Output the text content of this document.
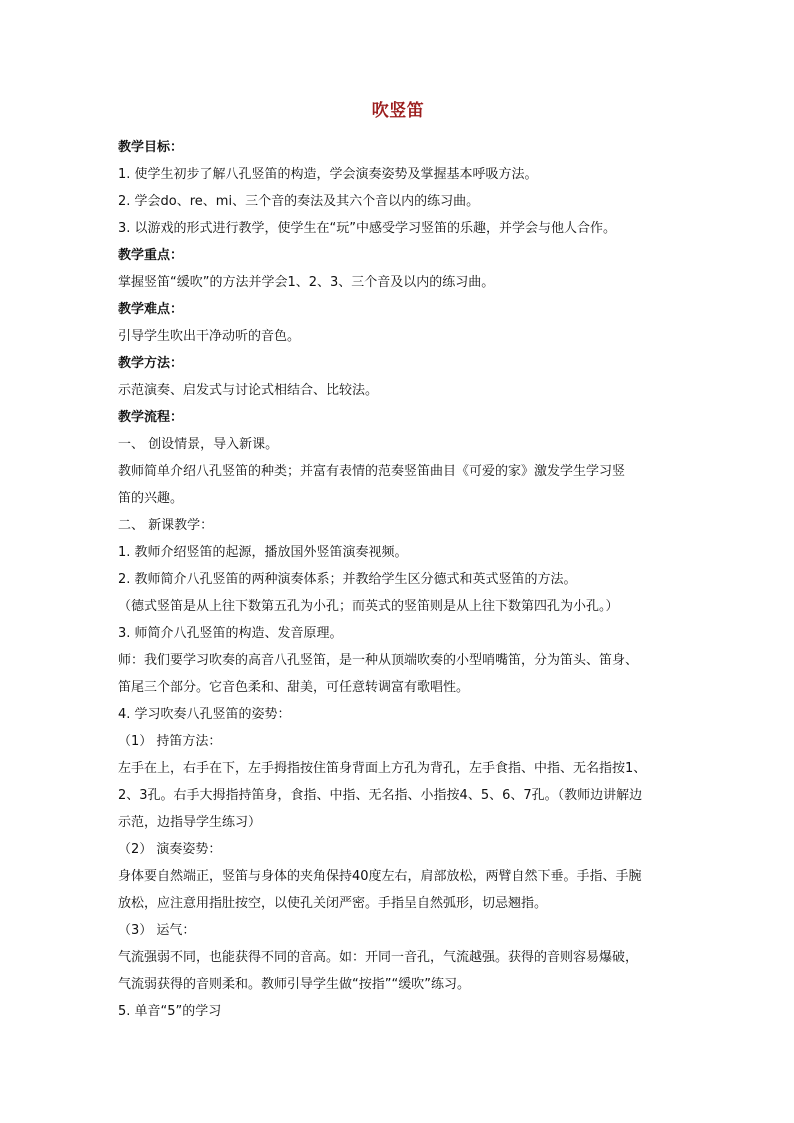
吹竖笛
教学目标：
1. 使学生初步了解八孔竖笛的构造，学会演奏姿势及掌握基本呼吸方法。
2. 学会do、re、mi、三个音的奏法及其六个音以内的练习曲。
3. 以游戏的形式进行教学，使学生在“玩”中感受学习竖笛的乐趣，并学会与他人合作。
教学重点：
掌握竖笛“缓吹”的方法并学会1、2、3、三个音及以内的练习曲。
教学难点：
引导学生吹出干净动听的音色。
教学方法：
示范演奏、启发式与讨论式相结合、比较法。
教学流程：
一、 创设情景，导入新课。
教师简单介绍八孔竖笛的种类；并富有表情的范奏竖笛曲目《可爱的家》激发学生学习竖
笛的兴趣。
二、 新课教学：
1. 教师介绍竖笛的起源，播放国外竖笛演奏视频。
2. 教师简介八孔竖笛的两种演奏体系；并教给学生区分德式和英式竖笛的方法。
（德式竖笛是从上往下数第五孔为小孔；而英式的竖笛则是从上往下数第四孔为小孔。）
3. 师简介八孔竖笛的构造、发音原理。
师：我们要学习吹奏的高音八孔竖笛，是一种从顶端吹奏的小型哨嘴笛，分为笛头、笛身、
笛尾三个部分。它音色柔和、甜美，可任意转调富有歌唱性。
4. 学习吹奏八孔竖笛的姿势：
（1） 持笛方法：
左手在上，右手在下，左手拇指按住笛身背面上方孔为背孔，左手食指、中指、无名指按1、
2、3孔。右手大拇指持笛身，食指、中指、无名指、小指按4、5、6、7孔。（教师边讲解边
示范，边指导学生练习）
（2） 演奏姿势：
身体要自然端正，竖笛与身体的夹角保持40度左右，肩部放松，两臂自然下垂。手指、手腕
放松，应注意用指肚按空，以使孔关闭严密。手指呈自然弧形，切忌翘指。
（3） 运气：
气流强弱不同，也能获得不同的音高。如：开同一音孔，气流越强。获得的音则容易爆破，
气流弱获得的音则柔和。教师引导学生做“按指”“缓吹”练习。
5. 单音“5”的学习
